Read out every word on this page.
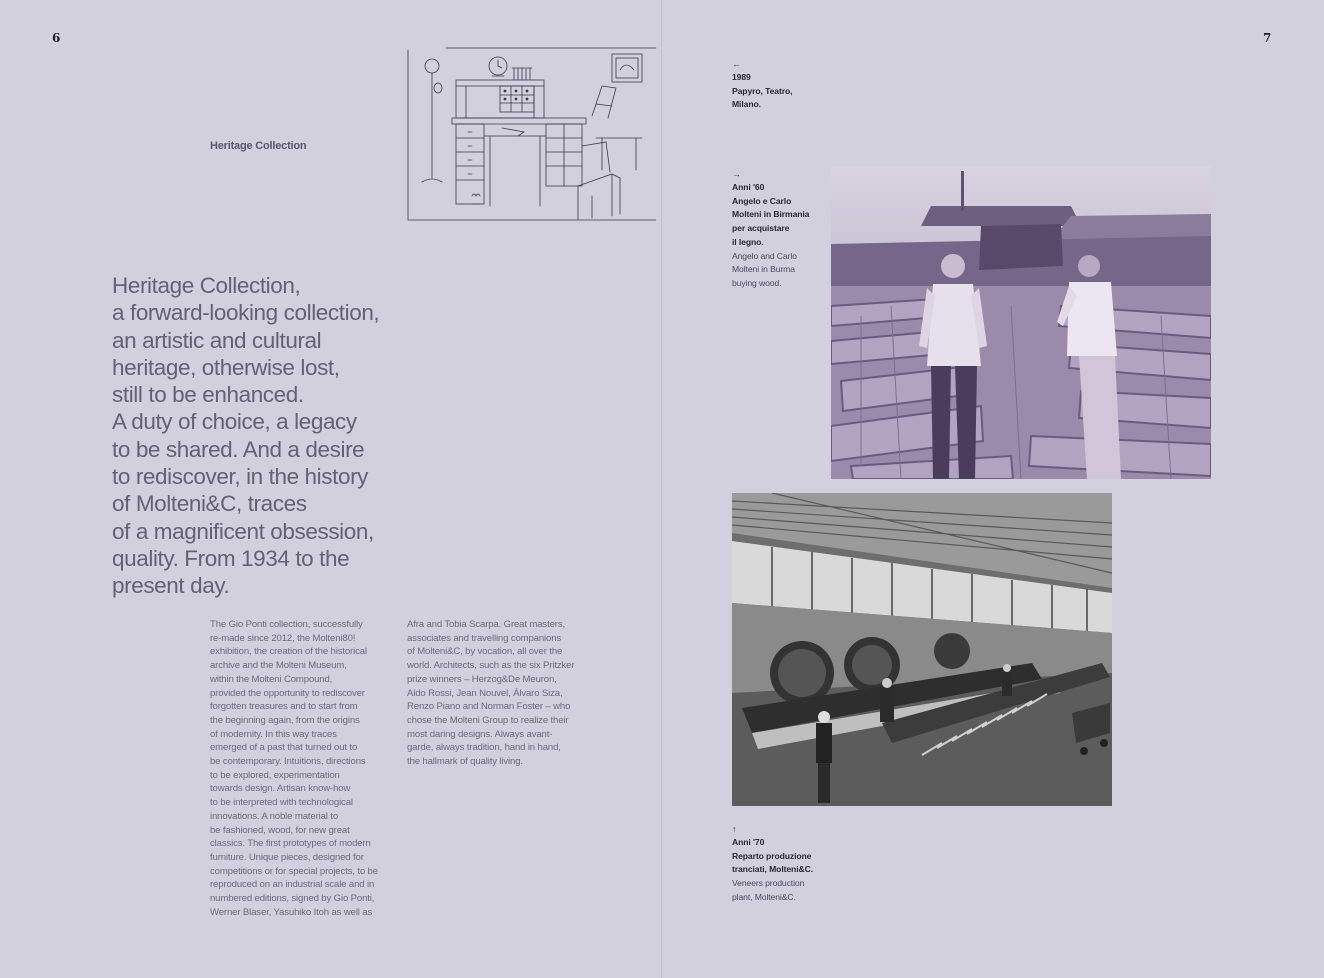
6	7
Heritage Collection
Heritage Collection,
a forward-looking collection,
an artistic and cultural
heritage, otherwise lost,
still to be enhanced.
A duty of choice, a legacy
to be shared. And a desire
to rediscover, in the history
of Molteni&C, traces
of a magnificent obsession,
quality. From 1934 to the
present day.
The Gio Ponti collection, successfully
re-made since 2012, the Molteni80!
exhibition, the creation of the historical
archive and the Molteni Museum,
within the Molteni Compound,
provided the opportunity to rediscover
forgotten treasures and to start from
the beginning again, from the origins
of modernity. In this way traces
emerged of a past that turned out to
be contemporary. Intuitions, directions
to be explored, experimentation
towards design. Artisan know-how
to be interpreted with technological
innovations. A noble material to
be fashioned, wood, for new great
classics. The first prototypes of modern
furniture. Unique pieces, designed for
competitions or for special projects, to be
reproduced on an industrial scale and in
numbered editions, signed by Gio Ponti,
Werner Blaser, Yasuhiko Itoh as well as
Afra and Tobia Scarpa. Great masters,
associates and travelling companions
of Molteni&C, by vocation, all over the
world. Architects, such as the six Pritzker
prize winners – Herzog&De Meuron,
Aldo Rossi, Jean Nouvel, Álvaro Siza,
Renzo Piano and Norman Foster – who
chose the Molteni Group to realize their
most daring designs. Always avant-
garde, always tradition, hand in hand,
the hallmark of quality living.
←
1989
Papyro, Teatro,
Milano.
→
Anni '60
Angelo e Carlo
Molteni in Birmania
per acquistare
il legno.
Angelo and Carlo
Molteni in Burma
buying wood.
↑
Anni '70
Reparto produzione
tranciati, Molteni&C.
Veneers production
plant, Molteni&C.
